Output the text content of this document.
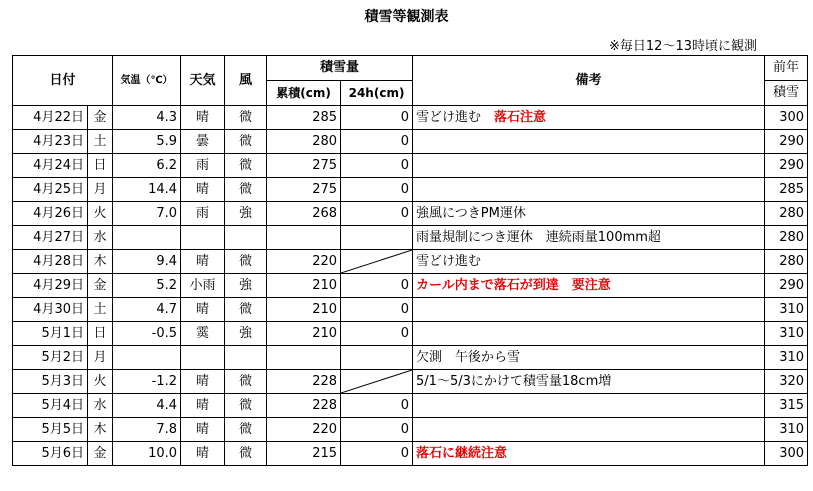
積雪等観測表
※毎日12～13時頃に観測
日付		気温（℃）	天気	風	積雪量		備考	前年
					累積(cm)	24h(cm)		積雪
4月22日	金	4.3	晴	微	285	0	雪どけ進む　落石注意	300
4月23日	土	5.9	曇	微	280	0		290
4月24日	日	6.2	雨	微	275	0		290
4月25日	月	14.4	晴	微	275	0		285
4月26日	火	7.0	雨	強	268	0	強風につきPM運休	280
4月27日	水						雨量規制につき運休　連続雨量100mm超	280
4月28日	木	9.4	晴	微	220		雪どけ進む	280
4月29日	金	5.2	小雨	強	210	0	カール内まで落石が到達　要注意	290
4月30日	土	4.7	晴	微	210	0		310
5月1日	日	-0.5	霙	強	210	0		310
5月2日	月						欠測　午後から雪	310
5月3日	火	-1.2	晴	微	228		5/1～5/3にかけて積雪量18cm増	320
5月4日	水	4.4	晴	微	228	0		315
5月5日	木	7.8	晴	微	220	0		310
5月6日	金	10.0	晴	微	215	0	落石に継続注意	300
